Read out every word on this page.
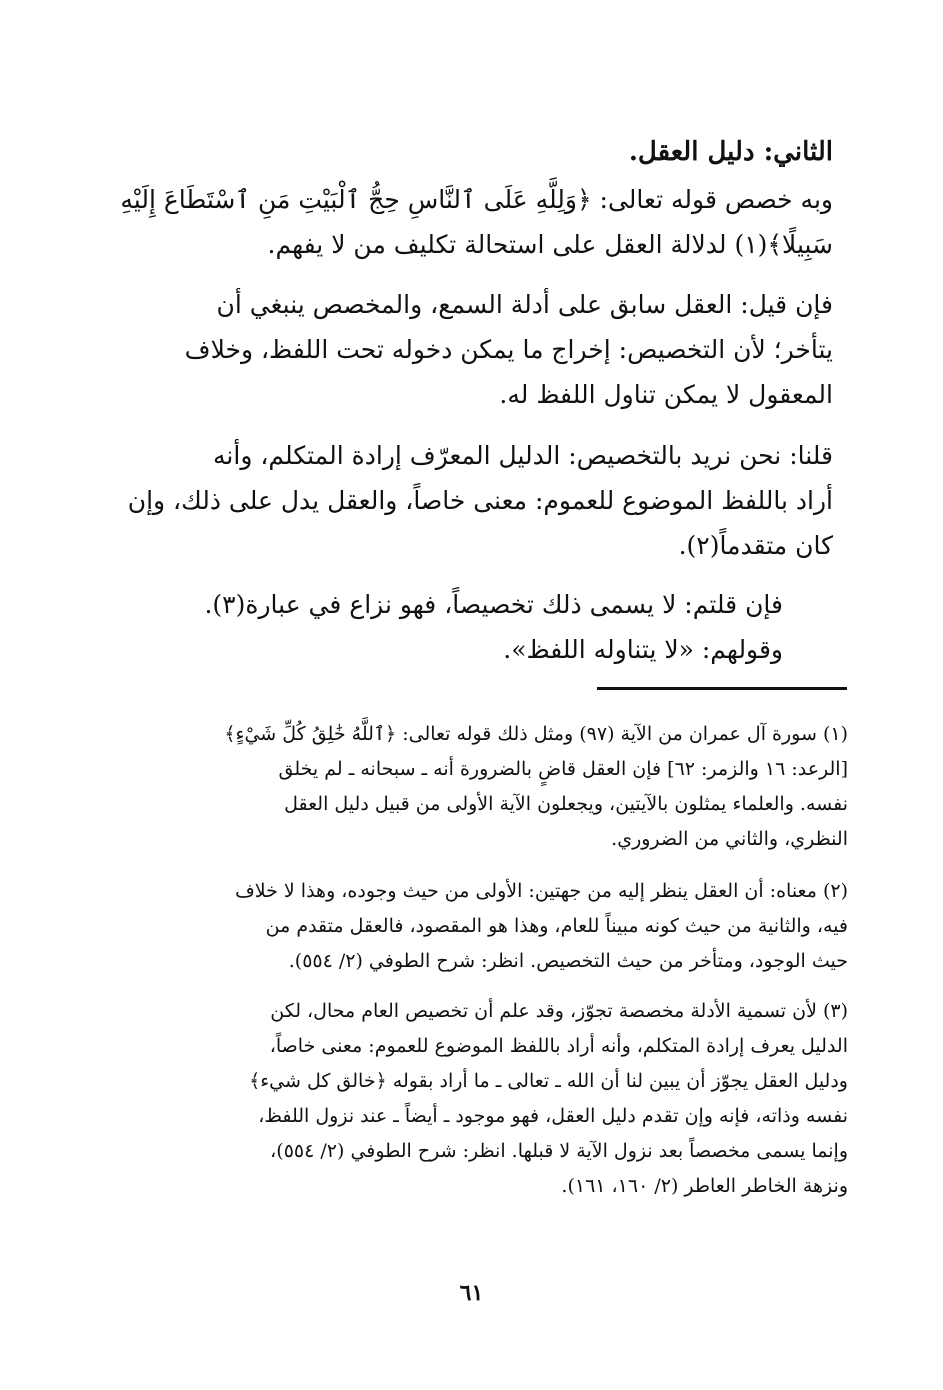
الثاني: دليل العقل.
وبه خصص قوله تعالى: ﴿وَلِلَّهِ عَلَى ٱلنَّاسِ حِجُّ ٱلْبَيْتِ مَنِ ٱسْتَطَاعَ إِلَيْهِ
سَبِيلًا﴾(١) لدلالة العقل على استحالة تكليف من لا يفهم.
فإن قيل: العقل سابق على أدلة السمع، والمخصص ينبغي أن
يتأخر؛ لأن التخصيص: إخراج ما يمكن دخوله تحت اللفظ، وخلاف
المعقول لا يمكن تناول اللفظ له.
قلنا: نحن نريد بالتخصيص: الدليل المعرّف إرادة المتكلم، وأنه
أراد باللفظ الموضوع للعموم: معنى خاصاً، والعقل يدل على ذلك، وإن
كان متقدماً(٢).
فإن قلتم: لا يسمى ذلك تخصيصاً، فهو نزاع في عبارة(٣).
وقولهم: «لا يتناوله اللفظ».
(١) سورة آل عمران من الآية (٩٧) ومثل ذلك قوله تعالى: ﴿ٱللَّهُ خَٰلِقُ كُلِّ شَيْءٍ﴾
[الرعد: ١٦ والزمر: ٦٢] فإن العقل قاضٍ بالضرورة أنه ـ سبحانه ـ لم يخلق
نفسه. والعلماء يمثلون بالآيتين، ويجعلون الآية الأولى من قبيل دليل العقل
النظري، والثاني من الضروري.
(٢) معناه: أن العقل ينظر إليه من جهتين: الأولى من حيث وجوده، وهذا لا خلاف
فيه، والثانية من حيث كونه مبيناً للعام، وهذا هو المقصود، فالعقل متقدم من
حيث الوجود، ومتأخر من حيث التخصيص. انظر: شرح الطوفي (٢/ ٥٥٤).
(٣) لأن تسمية الأدلة مخصصة تجوّز، وقد علم أن تخصيص العام محال، لكن
الدليل يعرف إرادة المتكلم، وأنه أراد باللفظ الموضوع للعموم: معنى خاصاً،
ودليل العقل يجوّز أن يبين لنا أن الله ـ تعالى ـ ما أراد بقوله ﴿خالق كل شيء﴾
نفسه وذاته، فإنه وإن تقدم دليل العقل، فهو موجود ـ أيضاً ـ عند نزول اللفظ،
وإنما يسمى مخصصاً بعد نزول الآية لا قبلها. انظر: شرح الطوفي (٢/ ٥٥٤)،
ونزهة الخاطر العاطر (٢/ ١٦٠، ١٦١).
٦١
